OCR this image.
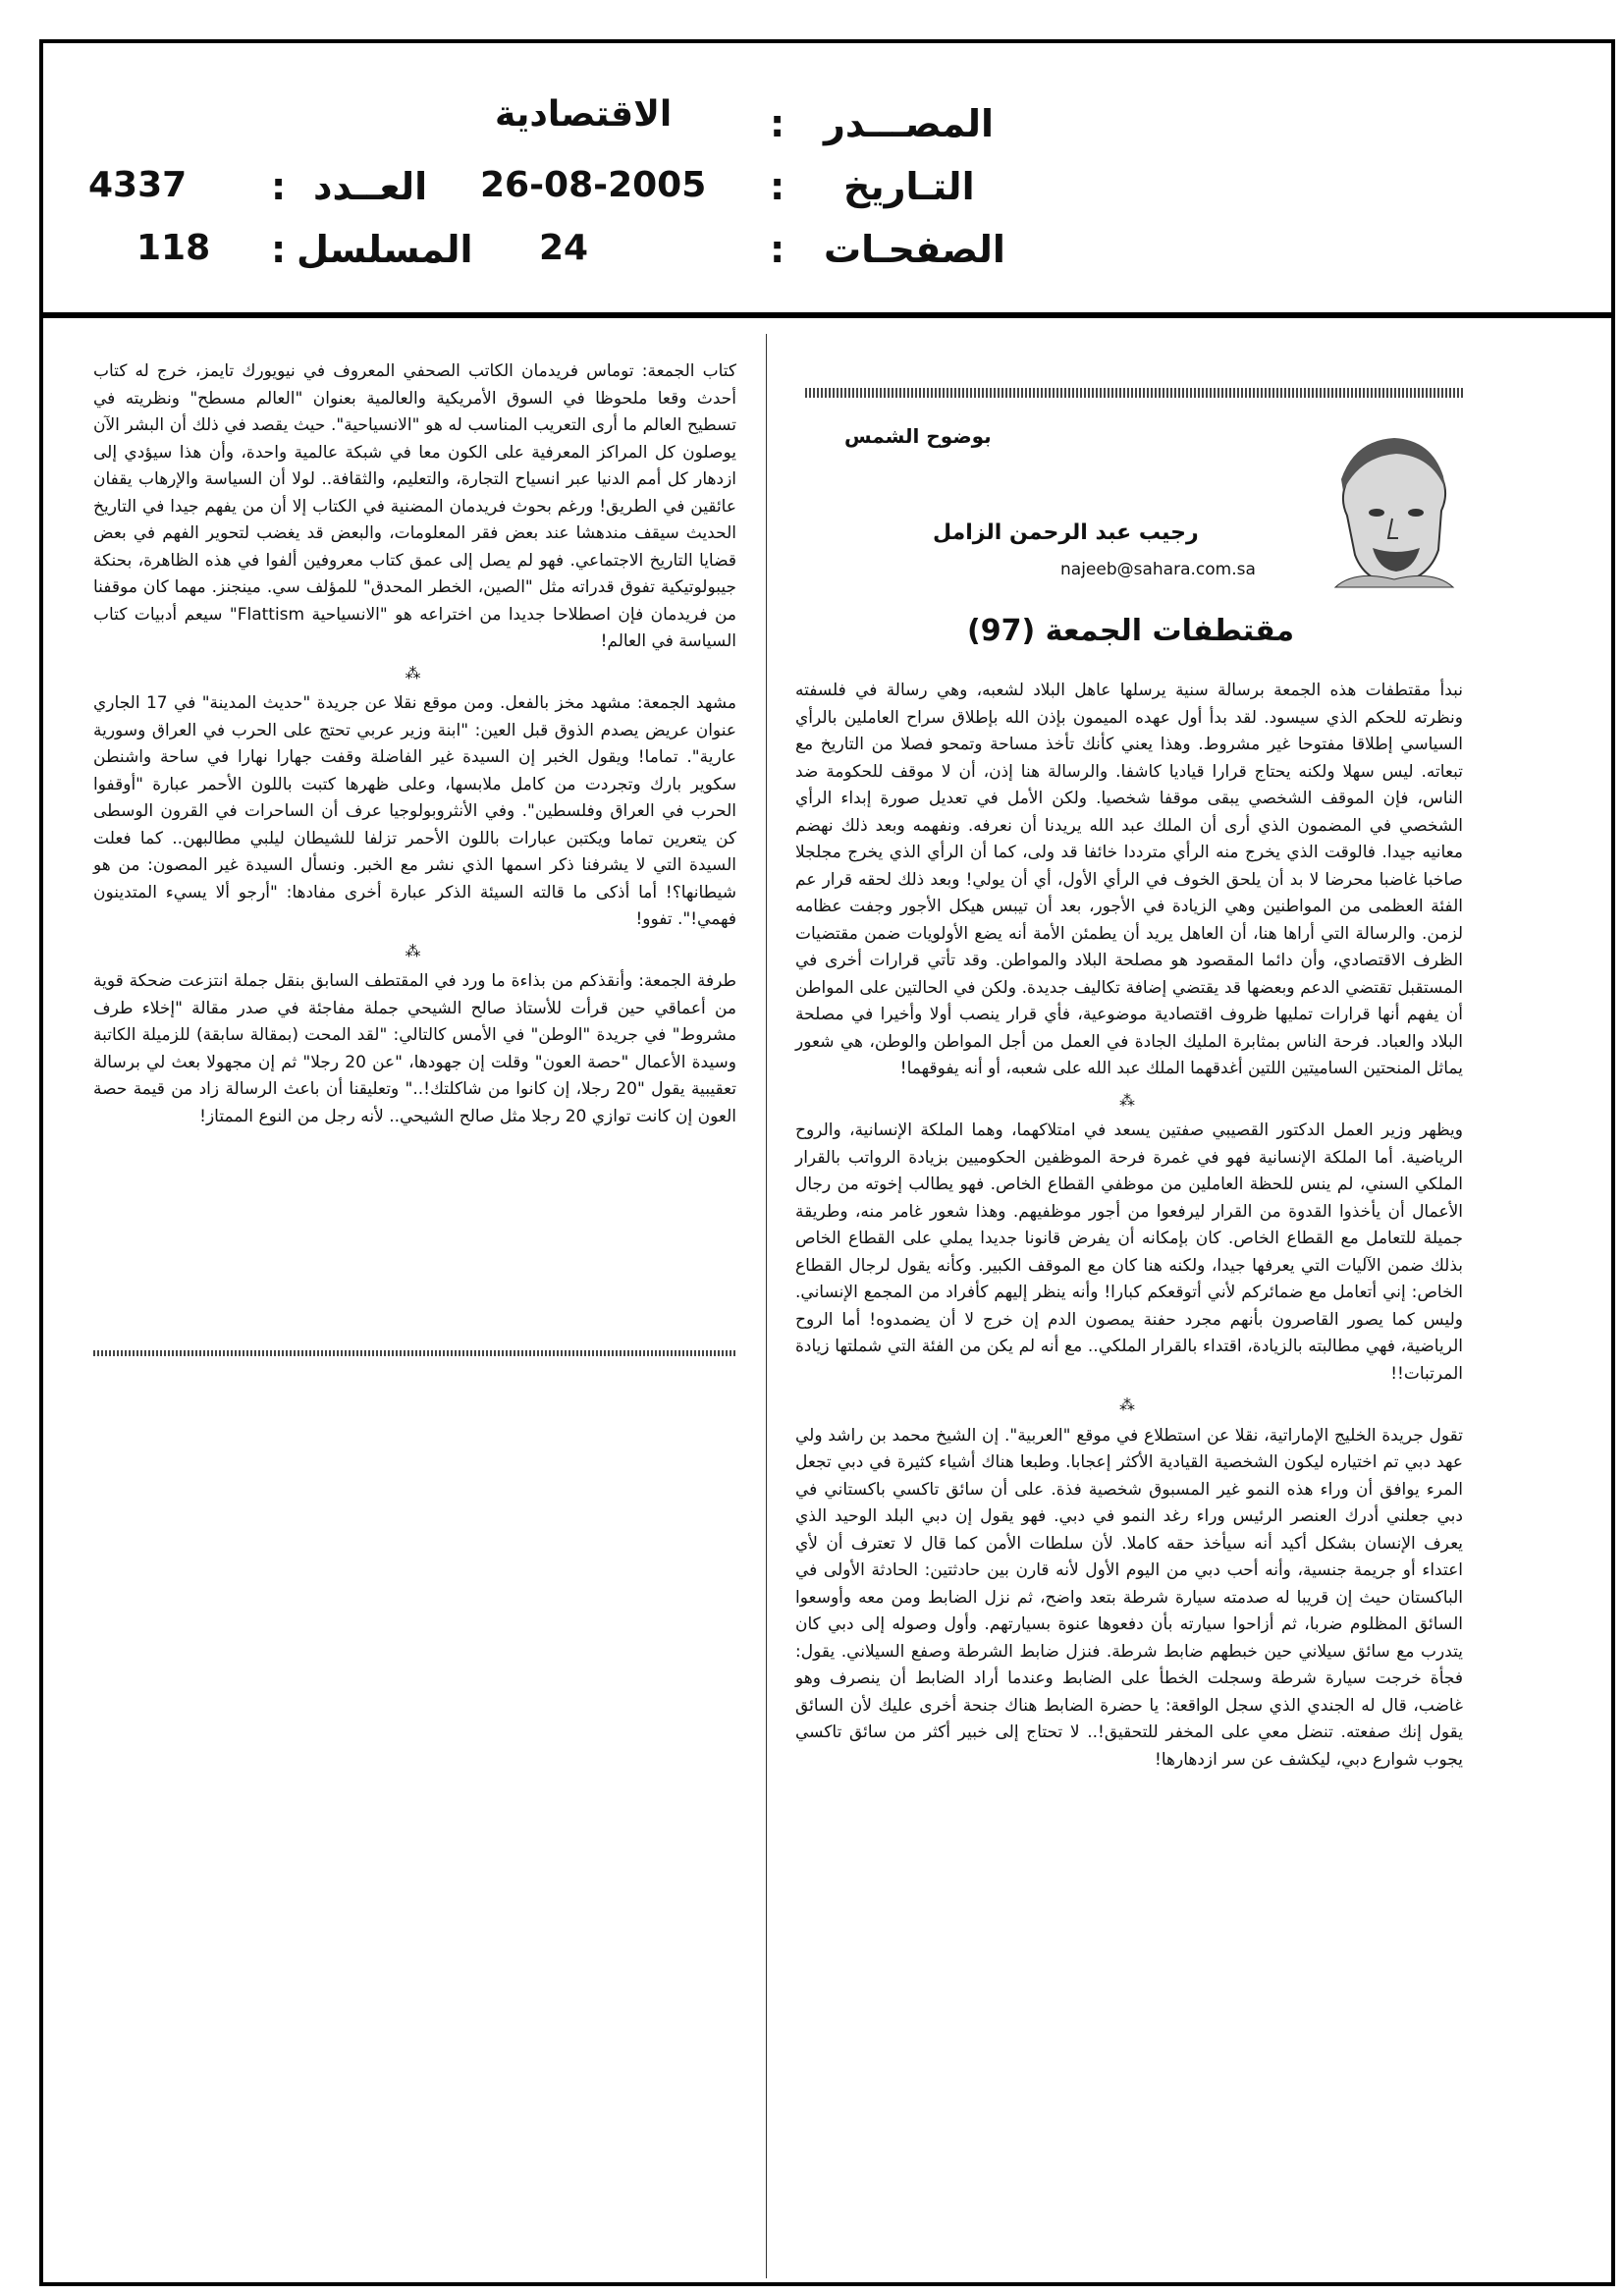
المصـــدر
:
الاقتصادية
التـاريخ
:
26-08-2005
العــدد
:
4337
الصفحـات
:
24
المسلسل
:
118
بوضوح الشمس
رجيب عبد الرحمن الزامل
najeeb@sahara.com.sa
مقتطفات الجمعة (97)

كتاب الجمعة: توماس فريدمان الكاتب الصحفي المعروف في نيويورك تايمز، خرج له كتاب أحدث وقعا ملحوظا في السوق الأمريكية والعالمية بعنوان "العالم مسطح" ونظريته في تسطيح العالم ما أرى التعريب المناسب له هو "الانسياحية". حيث يقصد في ذلك أن البشر الآن يوصلون كل المراكز المعرفية على الكون معا في شبكة عالمية واحدة، وأن هذا سيؤدي إلى ازدهار كل أمم الدنيا عبر انسياح التجارة، والتعليم، والثقافة.. لولا أن السياسة والإرهاب يقفان عائقين في الطريق! ورغم بحوث فريدمان المضنية في الكتاب إلا أن من يفهم جيدا في التاريخ الحديث سيقف مندهشا عند بعض فقر المعلومات، والبعض قد يغضب لتحوير الفهم في بعض قضايا التاريخ الاجتماعي. فهو لم يصل إلى عمق كتاب معروفين ألفوا في هذه الظاهرة، بحنكة جيبولوتيكية تفوق قدراته مثل "الصين، الخطر المحدق" للمؤلف سي. مينجنز. مهما كان موقفنا من فريدمان فإن اصطلاحا جديدا من اختراعه هو "الانسياحية Flattism" سيعم أدبيات كتاب السياسة في العالم!

⁂

مشهد الجمعة: مشهد مخز بالفعل. ومن موقع نقلا عن جريدة "حديث المدينة" في 17 الجاري عنوان عريض يصدم الذوق قبل العين: "ابنة وزير عربي تحتج على الحرب في العراق وسورية عارية". تماما! ويقول الخبر إن السيدة غير الفاضلة وقفت جهارا نهارا في ساحة واشنطن سكوير بارك وتجردت من كامل ملابسها، وعلى ظهرها كتبت باللون الأحمر عبارة "أوقفوا الحرب في العراق وفلسطين". وفي الأنثروبولوجيا عرف أن الساحرات في القرون الوسطى كن يتعرين تماما ويكتبن عبارات باللون الأحمر تزلفا للشيطان ليلبي مطالبهن.. كما فعلت السيدة التي لا يشرفنا ذكر اسمها الذي نشر مع الخبر. ونسأل السيدة غير المصون: من هو شيطانها؟! أما أذكى ما قالته السيئة الذكر عبارة أخرى مفادها: "أرجو ألا يسيء المتدينون فهمي!". تفوو!

⁂

طرفة الجمعة: وأنقذكم من بذاءة ما ورد في المقتطف السابق بنقل جملة انتزعت ضحكة قوية من أعماقي حين قرأت للأستاذ صالح الشيحي جملة مفاجئة في صدر مقالة "إخلاء طرف مشروط" في جريدة "الوطن" في الأمس كالتالي: "لقد المحت (بمقالة سابقة) للزميلة الكاتبة وسيدة الأعمال "حصة العون" وقلت إن جهودها، "عن 20 رجلا" ثم إن مجهولا بعث لي برسالة تعقيبية يقول "20 رجلا، إن كانوا من شاكلتك!.." وتعليقنا أن باعث الرسالة زاد من قيمة حصة العون إن كانت توازي 20 رجلا مثل صالح الشيحي.. لأنه رجل من النوع الممتاز!

نبدأ مقتطفات هذه الجمعة برسالة سنية يرسلها عاهل البلاد لشعبه، وهي رسالة في فلسفته ونظرته للحكم الذي سيسود. لقد بدأ أول عهده الميمون بإذن الله بإطلاق سراح العاملين بالرأي السياسي إطلاقا مفتوحا غير مشروط. وهذا يعني كأنك تأخذ مساحة وتمحو فصلا من التاريخ مع تبعاته. ليس سهلا ولكنه يحتاج قرارا قياديا كاشفا. والرسالة هنا إذن، أن لا موقف للحكومة ضد الناس، فإن الموقف الشخصي يبقى موقفا شخصيا. ولكن الأمل في تعديل صورة إبداء الرأي الشخصي في المضمون الذي أرى أن الملك عبد الله يريدنا أن نعرفه. ونفهمه وبعد ذلك نهضم معانيه جيدا. فالوقت الذي يخرج منه الرأي مترددا خائفا قد ولى، كما أن الرأي الذي يخرج مجلجلا صاخبا غاضبا محرضا لا بد أن يلحق الخوف في الرأي الأول، أي أن يولي! وبعد ذلك لحقه قرار عم الفئة العظمى من المواطنين وهي الزيادة في الأجور، بعد أن تيبس هيكل الأجور وجفت عظامه لزمن. والرسالة التي أراها هنا، أن العاهل يريد أن يطمئن الأمة أنه يضع الأولويات ضمن مقتضيات الظرف الاقتصادي، وأن دائما المقصود هو مصلحة البلاد والمواطن. وقد تأتي قرارات أخرى في المستقبل تقتضي الدعم وبعضها قد يقتضي إضافة تكاليف جديدة. ولكن في الحالتين على المواطن أن يفهم أنها قرارات تمليها ظروف اقتصادية موضوعية، فأي قرار ينصب أولا وأخيرا في مصلحة البلاد والعباد. فرحة الناس بمثابرة المليك الجادة في العمل من أجل المواطن والوطن، هي شعور يماثل المنحتين الساميتين اللتين أغدقهما الملك عبد الله على شعبه، أو أنه يفوقهما!

⁂

ويظهر وزير العمل الدكتور القصيبي صفتين يسعد في امتلاكهما، وهما الملكة الإنسانية، والروح الرياضية. أما الملكة الإنسانية فهو في غمرة فرحة الموظفين الحكوميين بزيادة الرواتب بالقرار الملكي السني، لم ينس للحظة العاملين من موظفي القطاع الخاص. فهو يطالب إخوته من رجال الأعمال أن يأخذوا القدوة من القرار ليرفعوا من أجور موظفيهم. وهذا شعور غامر منه، وطريقة جميلة للتعامل مع القطاع الخاص. كان بإمكانه أن يفرض قانونا جديدا يملي على القطاع الخاص بذلك ضمن الآليات التي يعرفها جيدا، ولكنه هنا كان مع الموقف الكبير. وكأنه يقول لرجال القطاع الخاص: إني أتعامل مع ضمائركم لأني أتوقعكم كبارا! وأنه ينظر إليهم كأفراد من المجمع الإنساني. وليس كما يصور القاصرون بأنهم مجرد حفنة يمصون الدم إن خرج لا أن يضمدوه! أما الروح الرياضية، فهي مطالبته بالزيادة، اقتداء بالقرار الملكي.. مع أنه لم يكن من الفئة التي شملتها زيادة المرتبات!!

⁂

تقول جريدة الخليج الإماراتية، نقلا عن استطلاع في موقع "العربية". إن الشيخ محمد بن راشد ولي عهد دبي تم اختياره ليكون الشخصية القيادية الأكثر إعجابا. وطبعا هناك أشياء كثيرة في دبي تجعل المرء يوافق أن وراء هذه النمو غير المسبوق شخصية فذة. على أن سائق تاكسي باكستاني في دبي جعلني أدرك العنصر الرئيس وراء رغد النمو في دبي. فهو يقول إن دبي البلد الوحيد الذي يعرف الإنسان بشكل أكيد أنه سيأخذ حقه كاملا. لأن سلطات الأمن كما قال لا تعترف أن لأي اعتداء أو جريمة جنسية، وأنه أحب دبي من اليوم الأول لأنه قارن بين حادثتين: الحادثة الأولى في الباكستان حيث إن قريبا له صدمته سيارة شرطة بتعد واضح، ثم نزل الضابط ومن معه وأوسعوا السائق المظلوم ضربا، ثم أزاحوا سيارته بأن دفعوها عنوة بسيارتهم. وأول وصوله إلى دبي كان يتدرب مع سائق سيلاني حين خبطهم ضابط شرطة. فنزل ضابط الشرطة وصفع السيلاني. يقول: فجأة خرجت سيارة شرطة وسجلت الخطأ على الضابط وعندما أراد الضابط أن ينصرف وهو غاضب، قال له الجندي الذي سجل الواقعة: يا حضرة الضابط هناك جنحة أخرى عليك لأن السائق يقول إنك صفعته. تنضل معي على المخفر للتحقيق!.. لا تحتاج إلى خبير أكثر من سائق تاكسي يجوب شوارع دبي، ليكشف عن سر ازدهارها!
